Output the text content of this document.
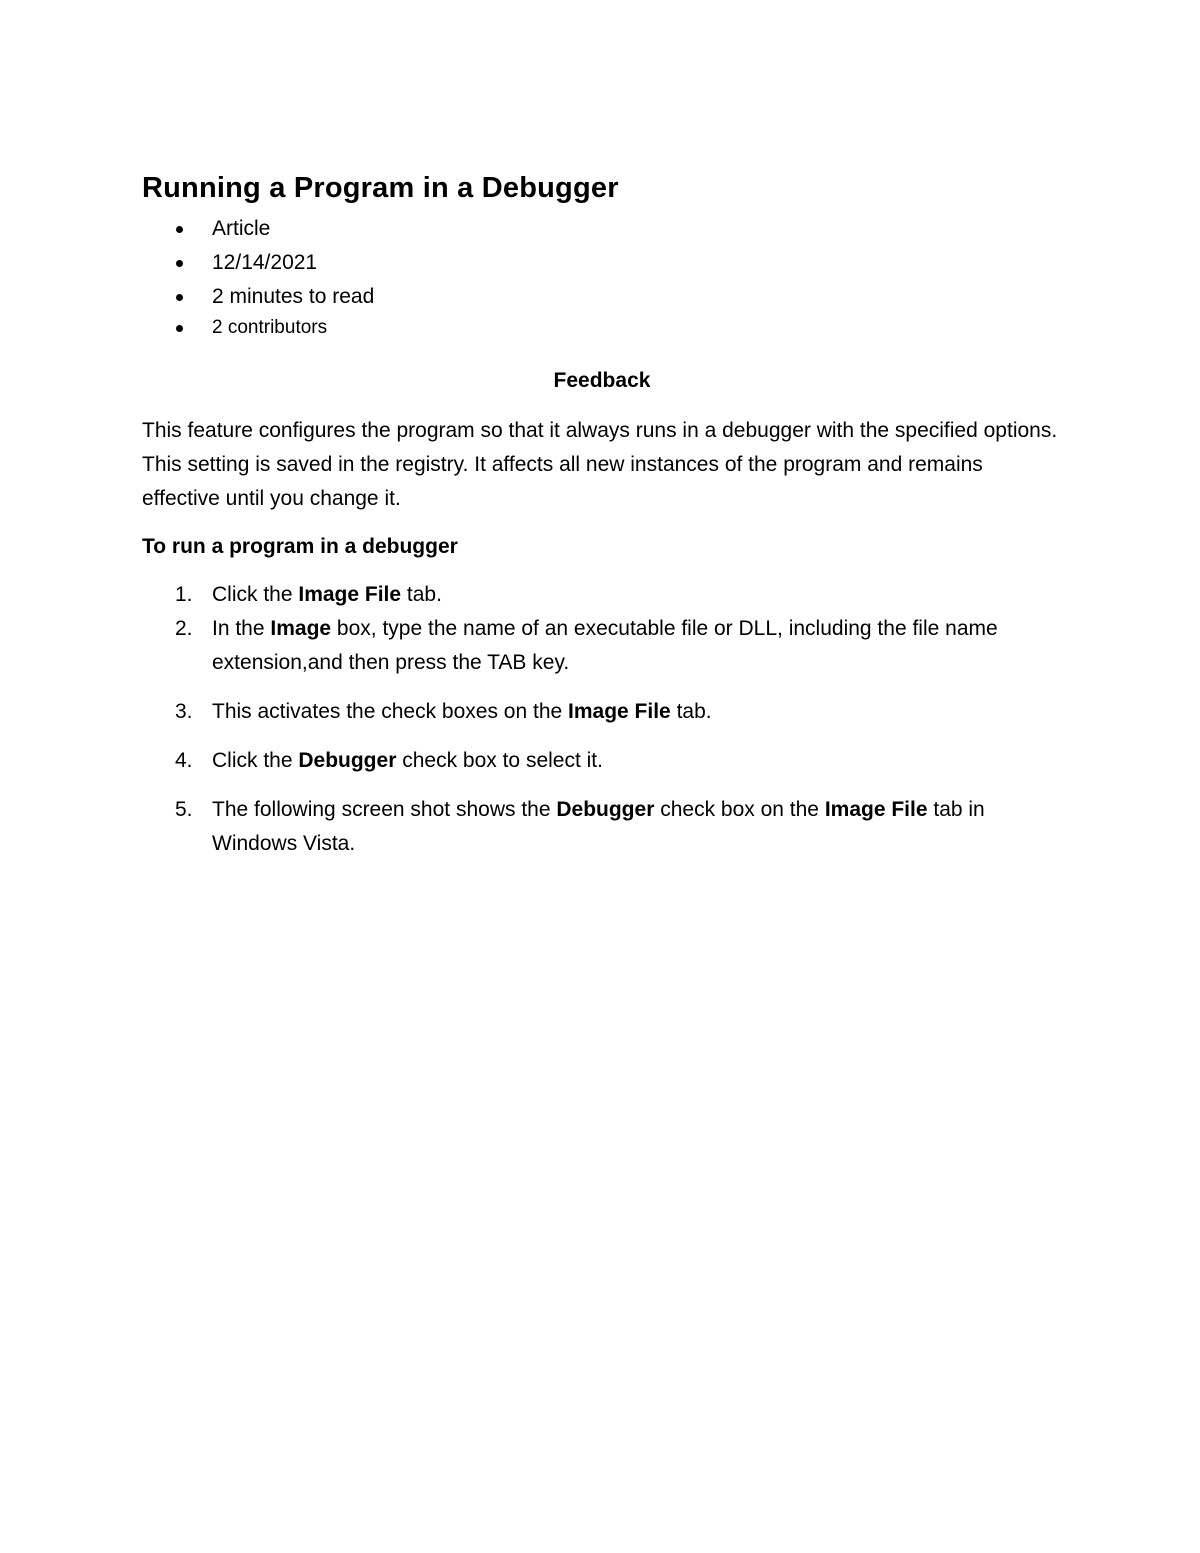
Running a Program in a Debugger
Article
12/14/2021
2 minutes to read
2 contributors
Feedback

This feature configures the program so that it always runs in a debugger with the specified options. This setting is saved in the registry. It affects all new instances of the program and remains effective until you change it.

To run a program in a debugger
1. Click the Image File tab.
2. In the Image box, type the name of an executable file or DLL, including the file name extension,and then press the TAB key.
3. This activates the check boxes on the Image File tab.
4. Click the Debugger check box to select it.
5. The following screen shot shows the Debugger check box on the Image File tab in Windows Vista.
